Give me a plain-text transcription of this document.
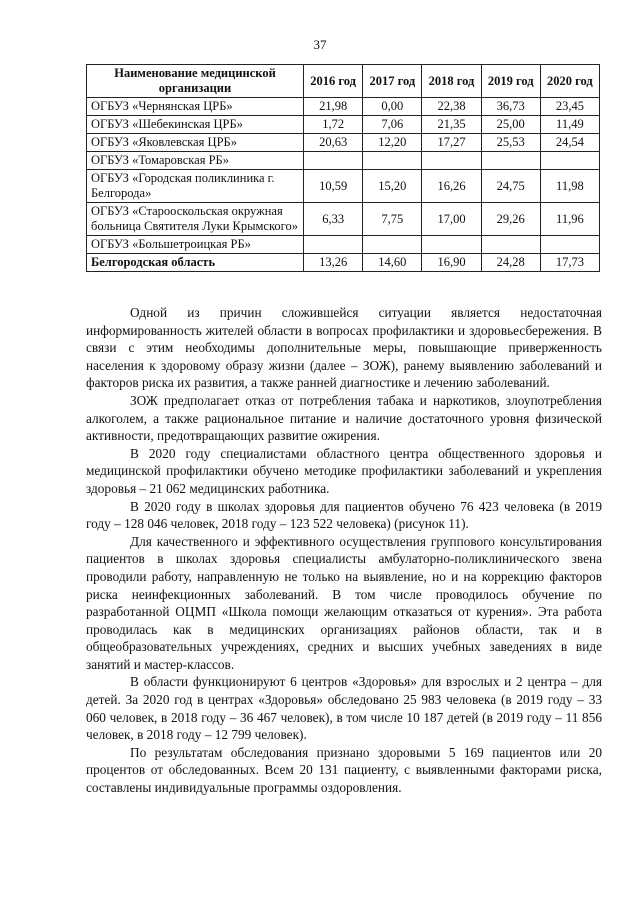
37
Наименование медицинской организации	2016 год	2017 год	2018 год	2019 год	2020 год
ОГБУЗ «Чернянская ЦРБ»	21,98	0,00	22,38	36,73	23,45
ОГБУЗ «Шебекинская ЦРБ»	1,72	7,06	21,35	25,00	11,49
ОГБУЗ «Яковлевская ЦРБ»	20,63	12,20	17,27	25,53	24,54
ОГБУЗ «Томаровская РБ»					
ОГБУЗ «Городская поликлиника г. Белгорода»	10,59	15,20	16,26	24,75	11,98
ОГБУЗ «Старооскольская окружная больница Святителя Луки Крымского»	6,33	7,75	17,00	29,26	11,96
ОГБУЗ «Большетроицкая РБ»					
Белгородская область	13,26	14,60	16,90	24,28	17,73

Одной из причин сложившейся ситуации является недостаточная информированность жителей области в вопросах профилактики и здоровьесбережения. В связи с этим необходимы дополнительные меры, повышающие приверженность населения к здоровому образу жизни (далее – ЗОЖ), ранему выявлению заболеваний и факторов риска их развития, а также ранней диагностике и лечению заболеваний.

ЗОЖ предполагает отказ от потребления табака и наркотиков, злоупотребления алкоголем, а также рациональное питание и наличие достаточного уровня физической активности, предотвращающих развитие ожирения.

В 2020 году специалистами областного центра общественного здоровья и медицинской профилактики обучено методике профилактики заболеваний и укрепления здоровья – 21 062 медицинских работника.

В 2020 году в школах здоровья для пациентов обучено 76 423 человека (в 2019 году – 128 046 человек, 2018 году – 123 522 человека) (рисунок 11).

Для качественного и эффективного осуществления группового консультирования пациентов в школах здоровья специалисты амбулаторно-поликлинического звена проводили работу, направленную не только на выявление, но и на коррекцию факторов риска неинфекционных заболеваний. В том числе проводилось обучение по разработанной ОЦМП «Школа помощи желающим отказаться от курения». Эта работа проводилась как в медицинских организациях районов области, так и в общеобразовательных учреждениях, средних и высших учебных заведениях в виде занятий и мастер-классов.

В области функционируют 6 центров «Здоровья» для взрослых и 2 центра – для детей. За 2020 год в центрах «Здоровья» обследовано 25 983 человека (в 2019 году – 33 060 человек, в 2018 году – 36 467 человек), в том числе 10 187 детей (в 2019 году – 11 856 человек, в 2018 году – 12 799 человек).

По результатам обследования признано здоровыми 5 169 пациентов или 20 процентов от обследованных. Всем 20 131 пациенту, с выявленными факторами риска, составлены индивидуальные программы оздоровления.
